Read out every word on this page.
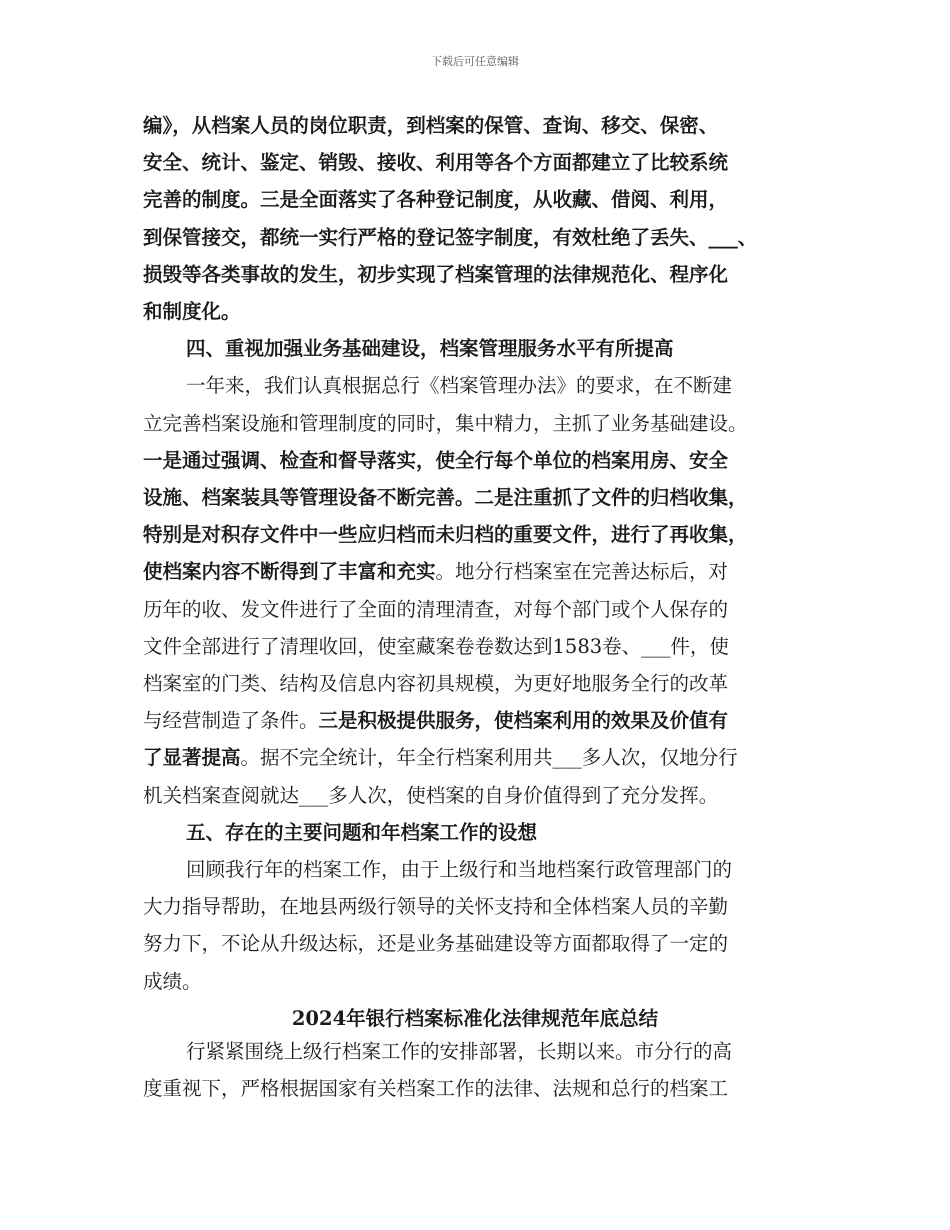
下载后可任意编辑
编》，从档案人员的岗位职责，到档案的保管、查询、移交、保密、
安全、统计、鉴定、销毁、接收、利用等各个方面都建立了比较系统
完善的制度。三是全面落实了各种登记制度，从收藏、借阅、利用，
到保管接交，都统一实行严格的登记签字制度，有效杜绝了丢失、___、
损毁等各类事故的发生，初步实现了档案管理的法律规范化、程序化
和制度化。
四、重视加强业务基础建设，档案管理服务水平有所提高
一年来，我们认真根据总行《档案管理办法》的要求，在不断建
立完善档案设施和管理制度的同时，集中精力，主抓了业务基础建设。
一是通过强调、检查和督导落实，使全行每个单位的档案用房、安全
设施、档案装具等管理设备不断完善。二是注重抓了文件的归档收集，
特别是对积存文件中一些应归档而未归档的重要文件，进行了再收集，
使档案内容不断得到了丰富和充实。地分行档案室在完善达标后，对
历年的收、发文件进行了全面的清理清查，对每个部门或个人保存的
文件全部进行了清理收回，使室藏案卷卷数达到1583卷、___件，使
档案室的门类、结构及信息内容初具规模，为更好地服务全行的改革
与经营制造了条件。三是积极提供服务，使档案利用的效果及价值有
了显著提高。据不完全统计，年全行档案利用共___多人次，仅地分行
机关档案查阅就达___多人次，使档案的自身价值得到了充分发挥。
五、存在的主要问题和年档案工作的设想
回顾我行年的档案工作，由于上级行和当地档案行政管理部门的
大力指导帮助，在地县两级行领导的关怀支持和全体档案人员的辛勤
努力下，不论从升级达标，还是业务基础建设等方面都取得了一定的
成绩。
2024年银行档案标准化法律规范年底总结
行紧紧围绕上级行档案工作的安排部署，长期以来。市分行的高
度重视下，严格根据国家有关档案工作的法律、法规和总行的档案工
